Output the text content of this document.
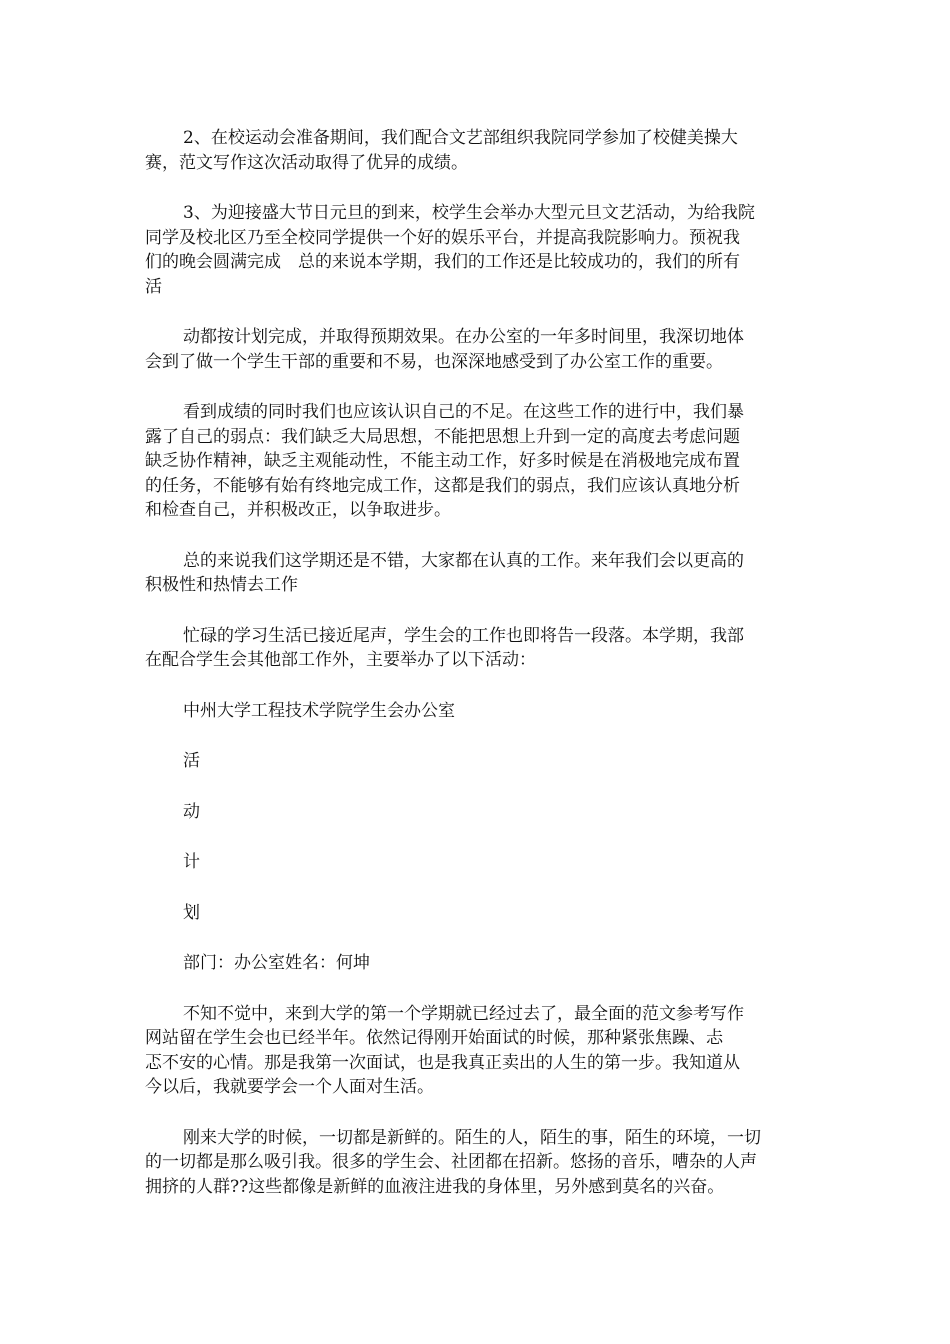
2、在校运动会准备期间，我们配合文艺部组织我院同学参加了校健美操大
赛，范文写作这次活动取得了优异的成绩。

3、为迎接盛大节日元旦的到来，校学生会举办大型元旦文艺活动，为给我院
同学及校北区乃至全校同学提供一个好的娱乐平台，并提高我院影响力。预祝我
们的晚会圆满完成　总的来说本学期，我们的工作还是比较成功的，我们的所有
活

动都按计划完成，并取得预期效果。在办公室的一年多时间里，我深切地体
会到了做一个学生干部的重要和不易，也深深地感受到了办公室工作的重要。

看到成绩的同时我们也应该认识自己的不足。在这些工作的进行中，我们暴
露了自己的弱点：我们缺乏大局思想，不能把思想上升到一定的高度去考虑问题
缺乏协作精神，缺乏主观能动性，不能主动工作，好多时候是在消极地完成布置
的任务，不能够有始有终地完成工作，这都是我们的弱点，我们应该认真地分析
和检查自己，并积极改正，以争取进步。

总的来说我们这学期还是不错，大家都在认真的工作。来年我们会以更高的
积极性和热情去工作

忙碌的学习生活已接近尾声，学生会的工作也即将告一段落。本学期，我部
在配合学生会其他部工作外，主要举办了以下活动：

中州大学工程技术学院学生会办公室

活

动

计

划

部门：办公室姓名：何坤

不知不觉中，来到大学的第一个学期就已经过去了，最全面的范文参考写作
网站留在学生会也已经半年。依然记得刚开始面试的时候，那种紧张焦躁、忐
忑不安的心情。那是我第一次面试，也是我真正卖出的人生的第一步。我知道从
今以后，我就要学会一个人面对生活。

刚来大学的时候，一切都是新鲜的。陌生的人，陌生的事，陌生的环境，一切
的一切都是那么吸引我。很多的学生会、社团都在招新。悠扬的音乐，嘈杂的人声
拥挤的人群??这些都像是新鲜的血液注进我的身体里，另外感到莫名的兴奋。
